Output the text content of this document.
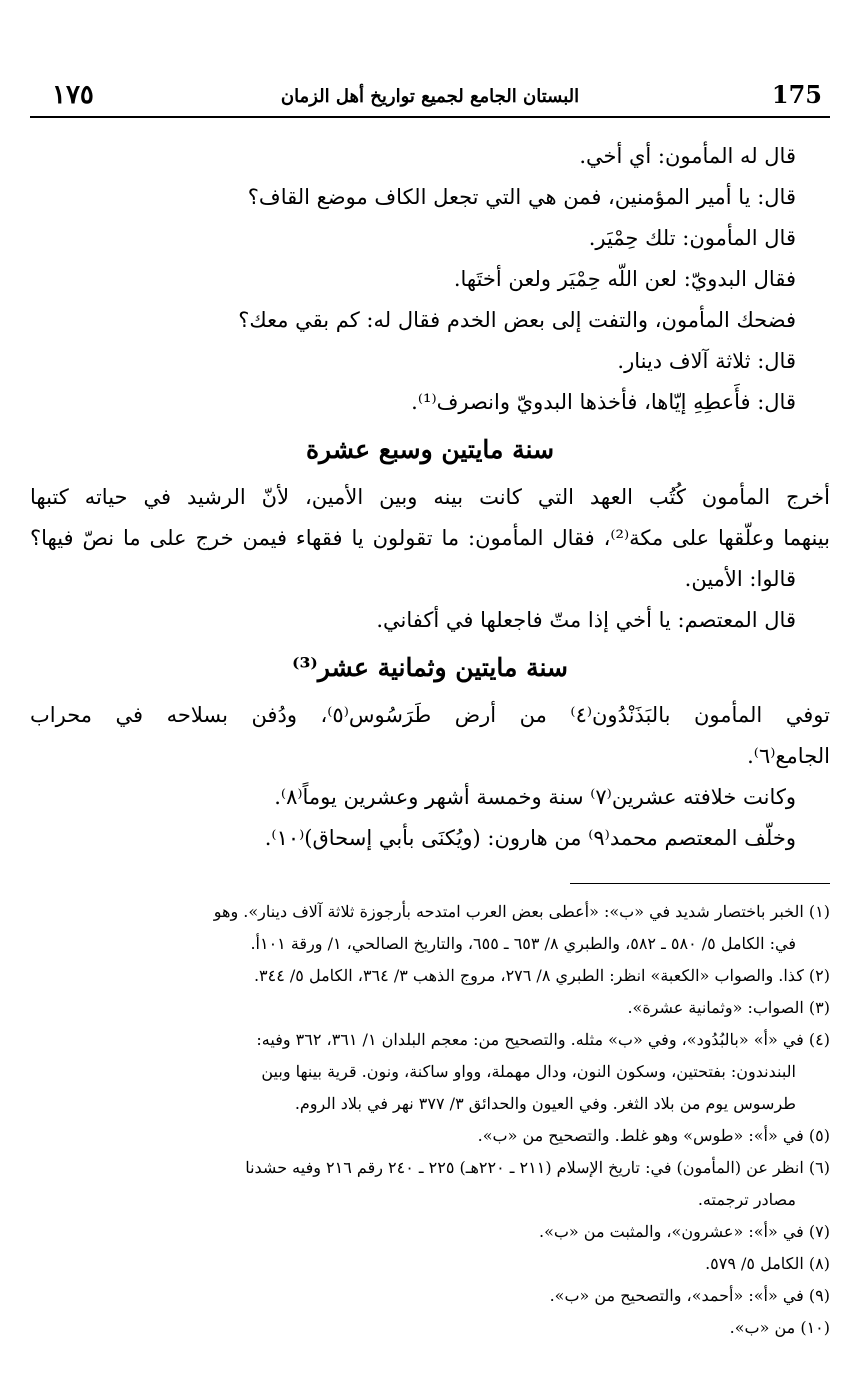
١٧٥	البستان الجامع لجميع تواريخ أهل الزمان	175
قال له المأمون: أي أخي.
قال: يا أمير المؤمنين، فمن هي التي تجعل الكاف موضع القاف؟
قال المأمون: تلك حِمْيَر.
فقال البدويّ: لعن اللّه حِمْيَر ولعن أختَها.
فضحك المأمون، والتفت إلى بعض الخدم فقال له: كم بقي معك؟
قال: ثلاثة آلاف دينار.
قال: فأَعطِهِ إيّاها، فأخذها البدويّ وانصرف⁽¹⁾.
سنة مايتين وسبع عشرة
أخرج المأمون كُتُب العهد التي كانت بينه وبين الأمين، لأنّ الرشيد في حياته كتبها
بينهما وعلّقها على مكة⁽²⁾، فقال المأمون: ما تقولون يا فقهاء فيمن خرج على ما نصّ فيها؟
قالوا: الأمين.
قال المعتصم: يا أخي إذا متّ فاجعلها في أكفاني.
سنة مايتين وثمانية عشر⁽³⁾
توفي المأمون بالبَذَنْدُون⁽٤⁾ من أرض طَرَسُوس⁽٥⁾، ودُفن بسلاحه في محراب
الجامع⁽٦⁾.
وكانت خلافته عشرين⁽٧⁾ سنة وخمسة أشهر وعشرين يوماً⁽٨⁾.
وخلّف المعتصم محمد⁽٩⁾ من هارون: (ويُكنَى بأبي إسحاق)⁽١٠⁾.
(١) الخبر باختصار شديد في «ب»: «أعطى بعض العرب امتدحه بأرجوزة ثلاثة آلاف دينار». وهو
في: الكامل ٥/ ٥٨٠ ـ ٥٨٢، والطبري ٨/ ٦٥٣ ـ ٦٥٥، والتاريخ الصالحي، ١/ ورقة ١٠١أ.
(٢) كذا. والصواب «الكعبة» انظر: الطبري ٨/ ٢٧٦، مروج الذهب ٣/ ٣٦٤، الكامل ٥/ ٣٤٤.
(٣) الصواب: «وثمانية عشرة».
(٤) في «أ» «بالبُدُود»، وفي «ب» مثله. والتصحيح من: معجم البلدان ١/ ٣٦١، ٣٦٢ وفيه:
البندندون: بفتحتين، وسكون النون، ودال مهملة، وواو ساكنة، ونون. قرية بينها وبين
طرسوس يوم من بلاد الثغر. وفي العيون والحدائق ٣/ ٣٧٧ نهر في بلاد الروم.
(٥) في «أ»: «طوس» وهو غلط. والتصحيح من «ب».
(٦) انظر عن (المأمون) في: تاريخ الإسلام (٢١١ ـ ٢٢٠هـ) ٢٢٥ ـ ٢٤٠ رقم ٢١٦ وفيه حشدنا
مصادر ترجمته.
(٧) في «أ»: «عشرون»، والمثبت من «ب».
(٨) الكامل ٥/ ٥٧٩.
(٩) في «أ»: «أحمد»، والتصحيح من «ب».
(١٠) من «ب».
